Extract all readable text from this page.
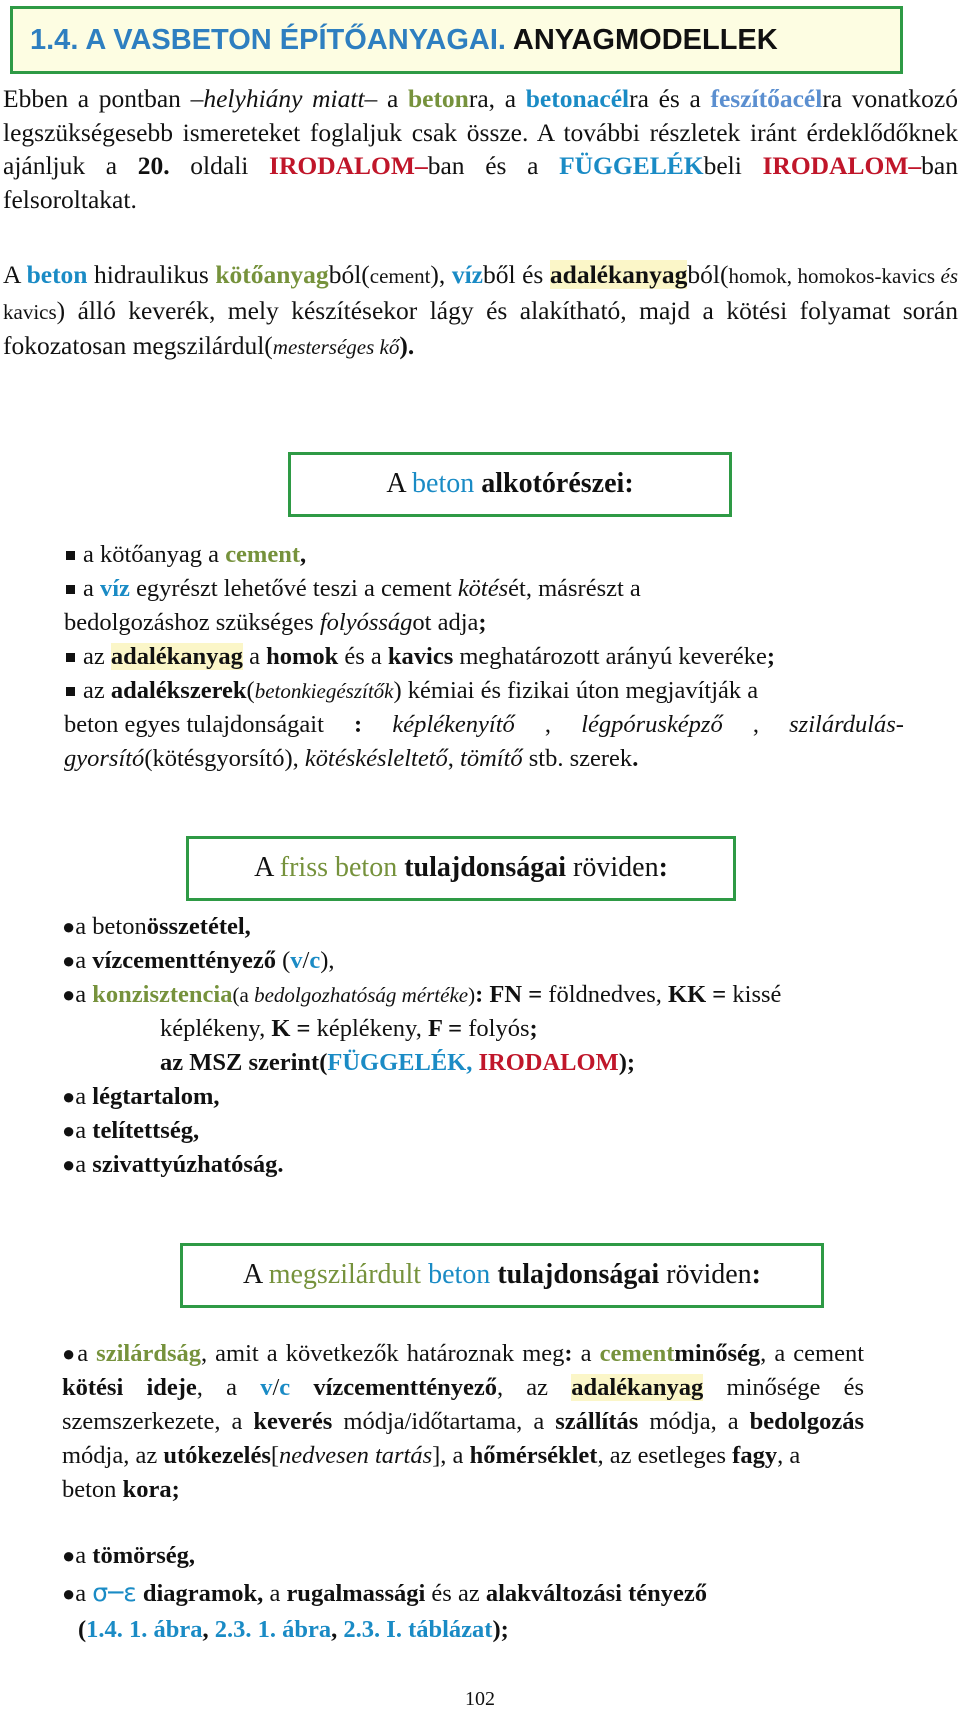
1.4. A VASBETON ÉPÍTŐANYAGAI. ANYAGMODELLEK

Ebben a pontban –helyhiány miatt– a betonra, a betonacélra és a feszítőacélra vonatkozó legszükségesebb ismereteket foglaljuk csak össze. A további részletek iránt érdeklődőknek ajánljuk a 20. oldali IRODALOM–ban és a FÜGGELÉKbeli IRODALOM–ban felsoroltakat.

A beton hidraulikus kötőanyagból(cement), vízből és adalékanyagból(homok, homokos-kavics és kavics) álló keverék, mely készítésekor lágy és alakítható, majd a kötési folyamat során fokozatosan megszilárdul(mesterséges kő).

A beton alkotórészei:
a kötőanyag a cement,
a víz egyrészt lehetővé teszi a cement kötését, másrészt a
bedolgozáshoz szükséges folyósságot adja;
az adalékanyag a homok és a kavics meghatározott arányú keveréke;
az adalékszerek(betonkiegészítők) kémiai és fizikai úton megjavítják a
beton egyes tulajdonságait : képlékenyítő , légpórusképző , szilárdulás-
gyorsító(kötésgyorsító), kötéskésleltető, tömítő stb. szerek.
A friss beton tulajdonságai röviden:
●a betonösszetétel,
●a vízcementtényező (v/c),
●a konzisztencia(a bedolgozhatóság mértéke): FN = földnedves, KK = kissé
képlékeny, K = képlékeny, F = folyós;
az MSZ szerint(FÜGGELÉK, IRODALOM);
●a légtartalom,
●a telítettség,
●a szivattyúzhatóság.
A megszilárdult beton tulajdonságai röviden:

●a szilárdság, amit a következők határoznak meg: a cementminőség, a cement kötési ideje, a v/c vízcementtényező, az adalékanyag minősége és szemszerkezete, a keverés módja/időtartama, a szállítás módja, a bedolgozás módja, az utókezelés[nedvesen tartás], a hőmérséklet, az esetleges fagy, a
beton kora;

●a tömörség,
●a σ─ε diagramok, a rugalmassági és az alakváltozási tényező
(1.4. 1. ábra, 2.3. 1. ábra, 2.3. I. táblázat);
102
